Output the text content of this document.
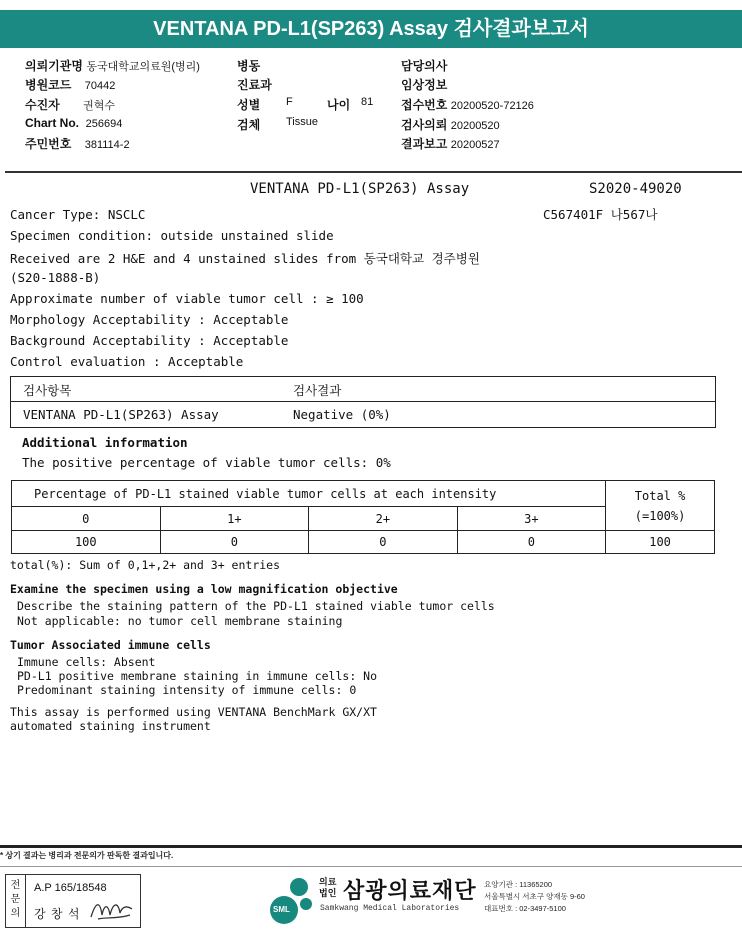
VENTANA PD-L1(SP263) Assay 검사결과보고서
의뢰기관명 동국대학교의료원(병리)
병원코드 70442
수진자 권혁수
Chart No. 256694
주민번호 381114-2
병동
진료과
성별 F	나이 81
검체 Tissue
담당의사
임상정보
접수번호 20200520-72126
검사의뢰 20200520
결과보고 20200527
VENTANA PD-L1(SP263) Assay	S2020-49020
Cancer Type: NSCLC	C567401F 나567나
Specimen condition: outside unstained slide
Received are 2 H&E and 4 unstained slides from 동국대학교 경주병원
(S20-1888-B)
Approximate number of viable tumor cell : ≥ 100
Morphology Acceptability : Acceptable
Background Acceptability : Acceptable
Control evaluation : Acceptable
검사항목	검사결과
VENTANA PD-L1(SP263) Assay	Negative (0%)
Additional information
The positive percentage of viable tumor cells: 0%
Percentage of PD-L1 stained viable tumor cells at each intensity				Total %
(=100%)

0	1+	2+	3+	
100	0	0	0	100
total(%): Sum of 0,1+,2+ and 3+ entries
Examine the specimen using a low magnification objective
Describe the staining pattern of the PD-L1 stained viable tumor cells
Not applicable: no tumor cell membrane staining
Tumor Associated immune cells
Immune cells: Absent
PD-L1 positive membrane staining in immune cells: No
Predominant staining intensity of immune cells: 0
This assay is performed using VENTANA BenchMark GX/XT
automated staining instrument
* 상기 결과는 병리과 전문의가 판독한 결과입니다.
전문의
A.P 165/18548
강 창 석	SML
의료
법인 삼광의료재단
Samkwang Medical Laboratories
요양기관 : 11365200
서울특별시 서초구 양재동 9-60
대표번호 : 02-3497-5100
